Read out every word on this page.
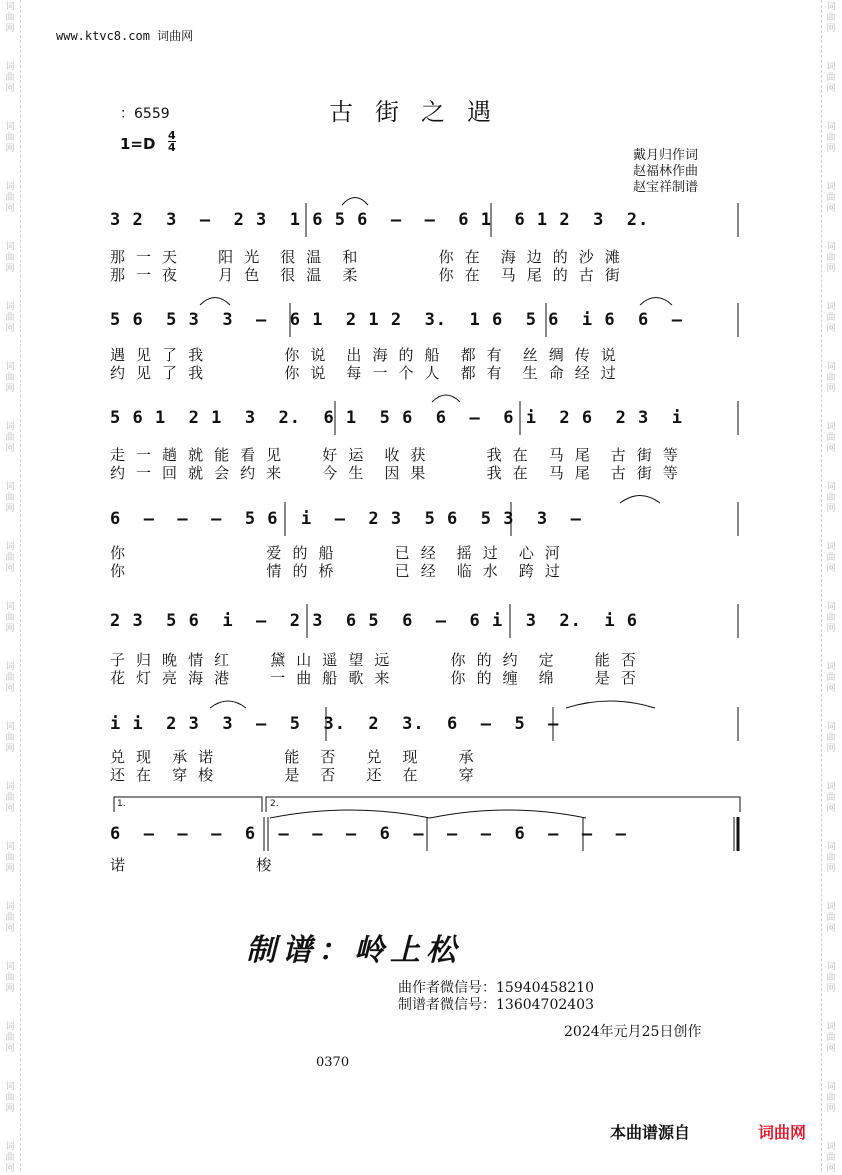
词
曲
网
词
曲
网
词
曲
网
词
曲
网
词
曲
网
词
曲
网
词
曲
网
词
曲
网
词
曲
网
词
曲
网
词
曲
网
词
曲
网
词
曲
网
词
曲
网
词
曲
网
词
曲
网
词
曲
网
词
曲
网
词
曲
网
词
曲
网
词
曲
网
词
曲
网
词
曲
网
词
曲
网
词
曲
网
词
曲
网
词
曲
网
词
曲
网
词
曲
网
词
曲
网
词
曲
网
词
曲
网
词
曲
网
词
曲
网
词
曲
网
词
曲
网
词
曲
网
词
曲
网
词
曲
网
词
曲
网
www.ktvc8.com 词曲网
古街之遇
：6559
$1=D \frac{4}{4}$
戴月归作词
赵福林作曲
赵宝祥制谱
3 2  3  –  2 3  1 6 5 6  –  –  6 1  6 1 2  3  2.
那 一 天    阳 光  很 温  和        你 在  海 边 的 沙 滩
那 一 夜    月 色  很 温  柔        你 在  马 尾 的 古 街
5 6  5 3  3  –  6 1  2 1 2  3.  1 6  5 6  i 6  6  –
遇 见 了 我        你 说  出 海 的 船  都 有  丝 绸 传 说
约 见 了 我        你 说  每 一 个 人  都 有  生 命 经 过
5 6 1  2 1  3  2.  6 1  5 6  6  –  6 i  2 6  2 3  i
走 一 趟 就 能 看 见    好 运  收 获      我 在  马 尾  古 街 等
约 一 回 就 会 约 来    今 生  因 果      我 在  马 尾  古 街 等
6  –  –  –  5 6  i  –  2 3  5 6  5 3  3  –
你              爱 的 船      已 经  摇 过  心 河
你              情 的 桥      已 经  临 水  跨 过
2 3  5 6  i  –  2 3  6 5  6  –  6 i  3  2.  i 6
子 归 晚 情 红    黛 山 遥 望 远      你 的 约  定    能 否
花 灯 亮 海 港    一 曲 船 歌 来      你 的 缠  绵    是 否
i i  2 3  3  –  5  3.  2  3.  6  –  5  –
兑 现  承 诺       能  否   兑  现    承
还 在  穿 梭       是  否   还  在    穿
6  –  –  –  6  –  –  –  6  –  –  –  6  –  –  –
诺             梭
1.	2.
制谱：岭上松
曲作者微信号：15940458210
制谱者微信号：13604702403
2024年元月25日创作
0370
本曲谱源自	词曲网
